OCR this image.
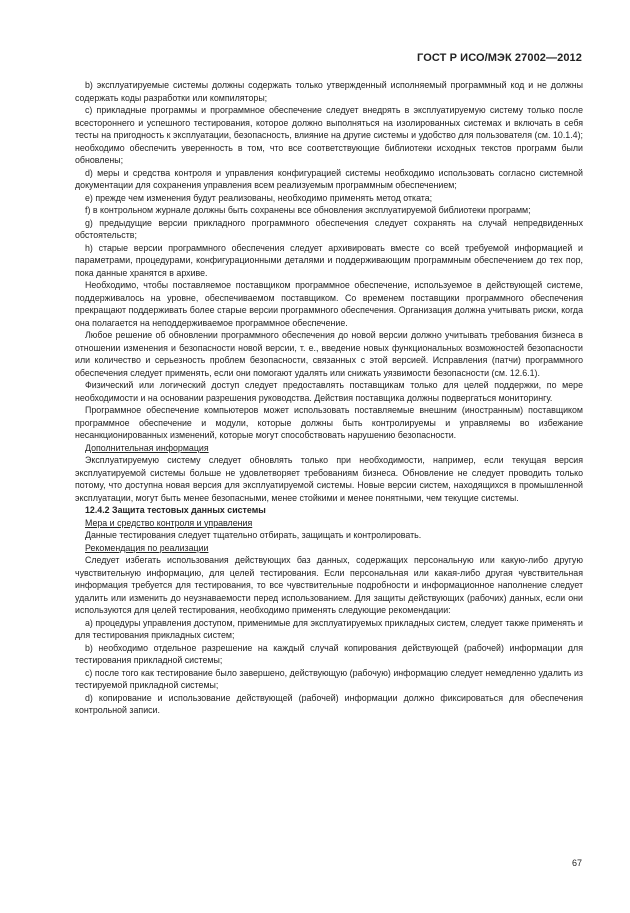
ГОСТ Р ИСО/МЭК 27002—2012

b) эксплуатируемые системы должны содержать только утвержденный исполняемый программный код и не должны содержать коды разработки или компиляторы;

c) прикладные программы и программное обеспечение следует внедрять в эксплуатируемую систему только после всестороннего и успешного тестирования, которое должно выполняться на изолированных системах и включать в себя тесты на пригодность к эксплуатации, безопасность, влияние на другие системы и удобство для пользователя (см. 10.1.4); необходимо обеспечить уверенность в том, что все соответствующие библиотеки исходных текстов программ были обновлены;

d) меры и средства контроля и управления конфигурацией системы необходимо использовать согласно системной документации для сохранения управления всем реализуемым программным обеспечением;

e) прежде чем изменения будут реализованы, необходимо применять метод отката;

f) в контрольном журнале должны быть сохранены все обновления эксплуатируемой библиотеки программ;

g) предыдущие версии прикладного программного обеспечения следует сохранять на случай непредвиденных обстоятельств;

h) старые версии программного обеспечения следует архивировать вместе со всей требуемой информацией и параметрами, процедурами, конфигурационными деталями и поддерживающим программным обеспечением до тех пор, пока данные хранятся в архиве.

Необходимо, чтобы поставляемое поставщиком программное обеспечение, используемое в действующей системе, поддерживалось на уровне, обеспечиваемом поставщиком. Со временем поставщики программного обеспечения прекращают поддерживать более старые версии программного обеспечения. Организация должна учитывать риски, когда она полагается на неподдерживаемое программное обеспечение.

Любое решение об обновлении программного обеспечения до новой версии должно учитывать требования бизнеса в отношении изменения и безопасности новой версии, т. е., введение новых функциональных возможностей безопасности или количество и серьезность проблем безопасности, связанных с этой версией. Исправления (патчи) программного обеспечения следует применять, если они помогают удалять или снижать уязвимости безопасности (см. 12.6.1).

Физический или логический доступ следует предоставлять поставщикам только для целей поддержки, по мере необходимости и на основании разрешения руководства. Действия поставщика должны подвергаться мониторингу.

Программное обеспечение компьютеров может использовать поставляемые внешним (иностранным) поставщиком программное обеспечение и модули, которые должны быть контролируемы и управляемы во избежание несанкционированных изменений, которые могут способствовать нарушению безопасности.

Дополнительная информация

Эксплуатируемую систему следует обновлять только при необходимости, например, если текущая версия эксплуатируемой системы больше не удовлетворяет требованиям бизнеса. Обновление не следует проводить только потому, что доступна новая версия для эксплуатируемой системы. Новые версии систем, находящихся в промышленной эксплуатации, могут быть менее безопасными, менее стойкими и менее понятными, чем текущие системы.

12.4.2 Защита тестовых данных системы

Мера и средство контроля и управления

Данные тестирования следует тщательно отбирать, защищать и контролировать.

Рекомендация по реализации

Следует избегать использования действующих баз данных, содержащих персональную или какую-либо другую чувствительную информацию, для целей тестирования. Если персональная или какая-либо другая чувствительная информация требуется для тестирования, то все чувствительные подробности и информационное наполнение следует удалить или изменить до неузнаваемости перед использованием. Для защиты действующих (рабочих) данных, если они используются для целей тестирования, необходимо применять следующие рекомендации:

a) процедуры управления доступом, применимые для эксплуатируемых прикладных систем, следует также применять и для тестирования прикладных систем;

b) необходимо отдельное разрешение на каждый случай копирования действующей (рабочей) информации для тестирования прикладной системы;

c) после того как тестирование было завершено, действующую (рабочую) информацию следует немедленно удалить из тестируемой прикладной системы;

d) копирование и использование действующей (рабочей) информации должно фиксироваться для обеспечения контрольной записи.

67
